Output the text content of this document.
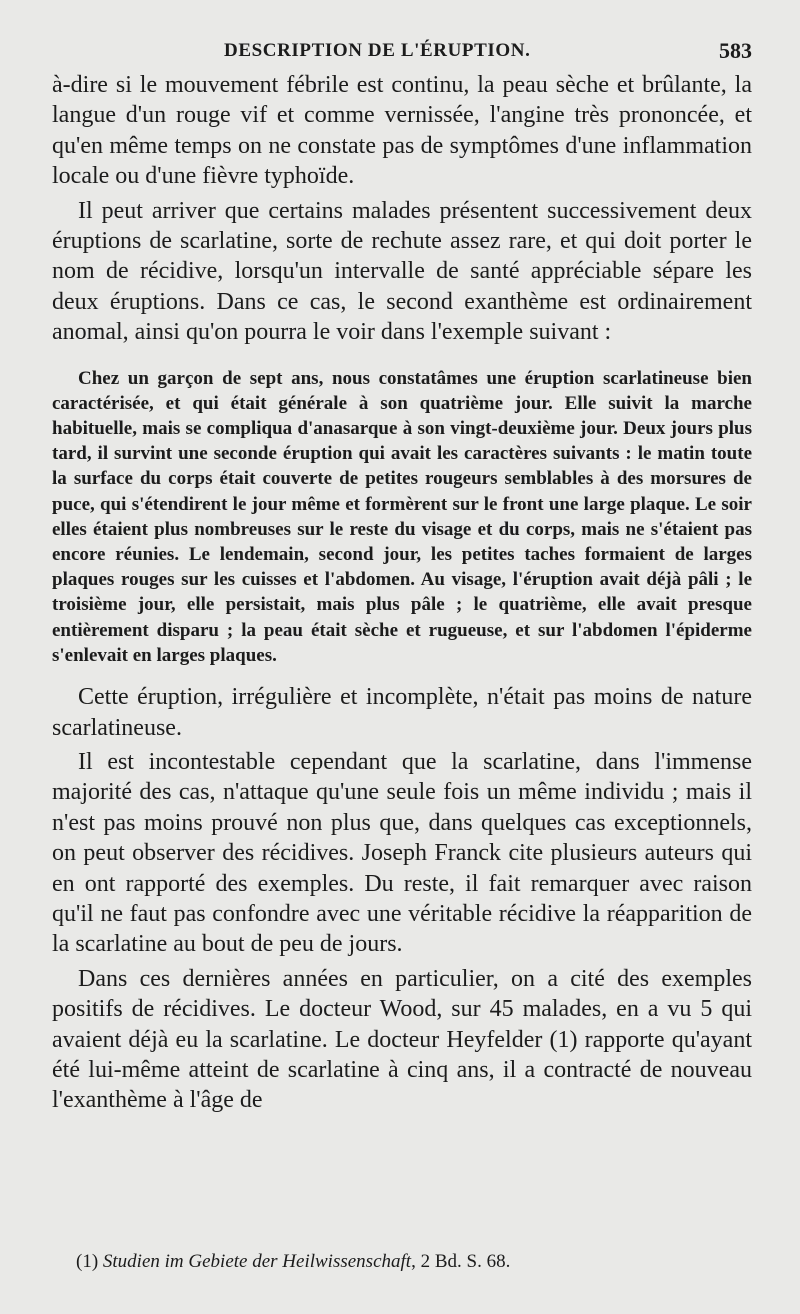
DESCRIPTION DE L'ÉRUPTION.	583

à-dire si le mouvement fébrile est continu, la peau sèche et brûlante, la langue d'un rouge vif et comme vernissée, l'angine très prononcée, et qu'en même temps on ne constate pas de symptômes d'une inflammation locale ou d'une fièvre typhoïde.

Il peut arriver que certains malades présentent successivement deux éruptions de scarlatine, sorte de rechute assez rare, et qui doit porter le nom de récidive, lorsqu'un intervalle de santé appréciable sépare les deux éruptions. Dans ce cas, le second exanthème est ordinairement anomal, ainsi qu'on pourra le voir dans l'exemple suivant :

Chez un garçon de sept ans, nous constatâmes une éruption scarlatineuse bien caractérisée, et qui était générale à son quatrième jour. Elle suivit la marche habituelle, mais se compliqua d'anasarque à son vingt-deuxième jour. Deux jours plus tard, il survint une seconde éruption qui avait les caractères suivants : le matin toute la surface du corps était couverte de petites rougeurs semblables à des morsures de puce, qui s'étendirent le jour même et formèrent sur le front une large plaque. Le soir elles étaient plus nombreuses sur le reste du visage et du corps, mais ne s'étaient pas encore réunies. Le lendemain, second jour, les petites taches formaient de larges plaques rouges sur les cuisses et l'abdomen. Au visage, l'éruption avait déjà pâli ; le troisième jour, elle persistait, mais plus pâle ; le quatrième, elle avait presque entièrement disparu ; la peau était sèche et rugueuse, et sur l'abdomen l'épiderme s'enlevait en larges plaques.

Cette éruption, irrégulière et incomplète, n'était pas moins de nature scarlatineuse.

Il est incontestable cependant que la scarlatine, dans l'immense majorité des cas, n'attaque qu'une seule fois un même individu ; mais il n'est pas moins prouvé non plus que, dans quelques cas exceptionnels, on peut observer des récidives. Joseph Franck cite plusieurs auteurs qui en ont rapporté des exemples. Du reste, il fait remarquer avec raison qu'il ne faut pas confondre avec une véritable récidive la réapparition de la scarlatine au bout de peu de jours.

Dans ces dernières années en particulier, on a cité des exemples positifs de récidives. Le docteur Wood, sur 45 malades, en a vu 5 qui avaient déjà eu la scarlatine. Le docteur Heyfelder (1) rapporte qu'ayant été lui-même atteint de scarlatine à cinq ans, il a contracté de nouveau l'exanthème à l'âge de

(1) Studien im Gebiete der Heilwissenschaft, 2 Bd. S. 68.
